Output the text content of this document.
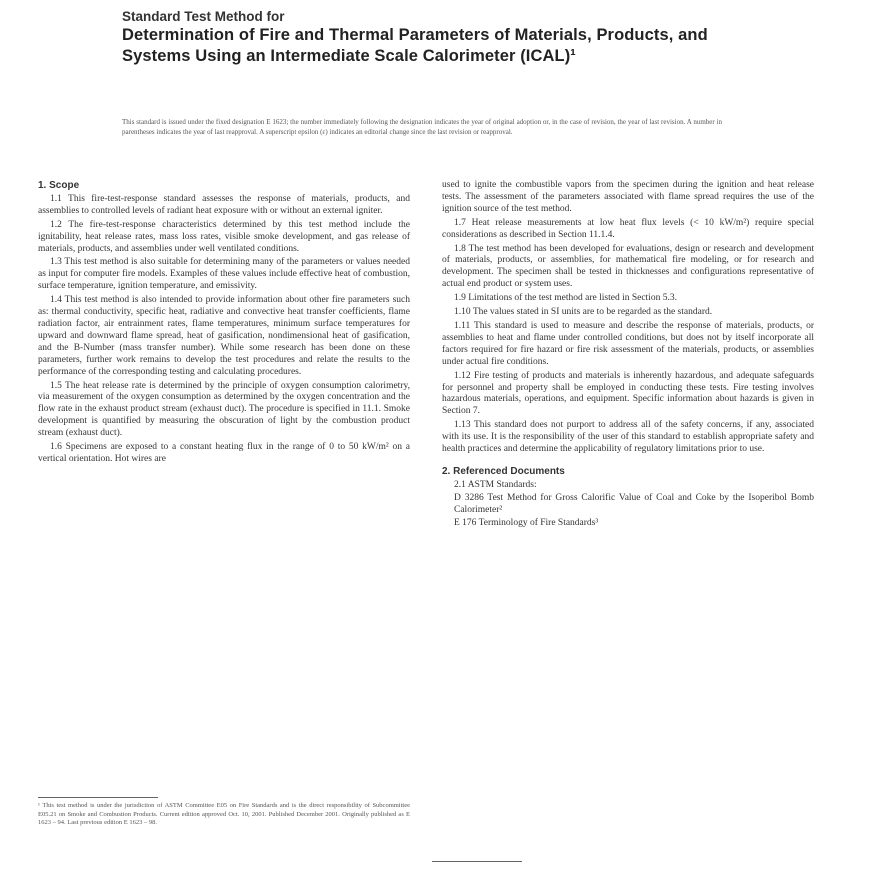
Standard Test Method for
Determination of Fire and Thermal Parameters of Materials, Products, and Systems Using an Intermediate Scale Calorimeter (ICAL)¹
This standard is issued under the fixed designation E 1623; the number immediately following the designation indicates the year of original adoption or, in the case of revision, the year of last revision. A number in parentheses indicates the year of last reapproval. A superscript epsilon (ε) indicates an editorial change since the last revision or reapproval.
1. Scope

1.1 This fire-test-response standard assesses the response of materials, products, and assemblies to controlled levels of radiant heat exposure with or without an external igniter.

1.2 The fire-test-response characteristics determined by this test method include the ignitability, heat release rates, mass loss rates, visible smoke development, and gas release of materials, products, and assemblies under well ventilated conditions.

1.3 This test method is also suitable for determining many of the parameters or values needed as input for computer fire models. Examples of these values include effective heat of combustion, surface temperature, ignition temperature, and emissivity.

1.4 This test method is also intended to provide information about other fire parameters such as: thermal conductivity, specific heat, radiative and convective heat transfer coefficients, flame radiation factor, air entrainment rates, flame temperatures, minimum surface temperatures for upward and downward flame spread, heat of gasification, nondimensional heat of gasification, and the B-Number (mass transfer number). While some research has been done on these parameters, further work remains to develop the test procedures and relate the results to the performance of the corresponding testing and calculating procedures.

1.5 The heat release rate is determined by the principle of oxygen consumption calorimetry, via measurement of the oxygen consumption as determined by the oxygen concentration and the flow rate in the exhaust product stream (exhaust duct). The procedure is specified in 11.1. Smoke development is quantified by measuring the obscuration of light by the combustion product stream (exhaust duct).

1.6 Specimens are exposed to a constant heating flux in the range of 0 to 50 kW/m² on a vertical orientation. Hot wires are

used to ignite the combustible vapors from the specimen during the ignition and heat release tests. The assessment of the parameters associated with flame spread requires the use of the ignition source of the test method.

1.7 Heat release measurements at low heat flux levels (< 10 kW/m²) require special considerations as described in Section 11.1.4.

1.8 The test method has been developed for evaluations, design or research and development of materials, products, or assemblies, for mathematical fire modeling, or for research and development. The specimen shall be tested in thicknesses and configurations representative of actual end product or system uses.

1.9 Limitations of the test method are listed in Section 5.3.

1.10 The values stated in SI units are to be regarded as the standard.

1.11 This standard is used to measure and describe the response of materials, products, or assemblies to heat and flame under controlled conditions, but does not by itself incorporate all factors required for fire hazard or fire risk assessment of the materials, products, or assemblies under actual fire conditions.

1.12 Fire testing of products and materials is inherently hazardous, and adequate safeguards for personnel and property shall be employed in conducting these tests. Fire testing involves hazardous materials, operations, and equipment. Specific information about hazards is given in Section 7.

1.13 This standard does not purport to address all of the safety concerns, if any, associated with its use. It is the responsibility of the user of this standard to establish appropriate safety and health practices and determine the applicability of regulatory limitations prior to use.

2. Referenced Documents
2.1 ASTM Standards:
D 3286 Test Method for Gross Calorific Value of Coal and Coke by the Isoperibol Bomb Calorimeter²
E 176 Terminology of Fire Standards³
¹ This test method is under the jurisdiction of ASTM Committee E05 on Fire Standards and is the direct responsibility of Subcommittee E05.21 on Smoke and Combustion Products. Current edition approved Oct. 10, 2001. Published December 2001. Originally published as E 1623 – 94. Last previous edition E 1623 – 98.
